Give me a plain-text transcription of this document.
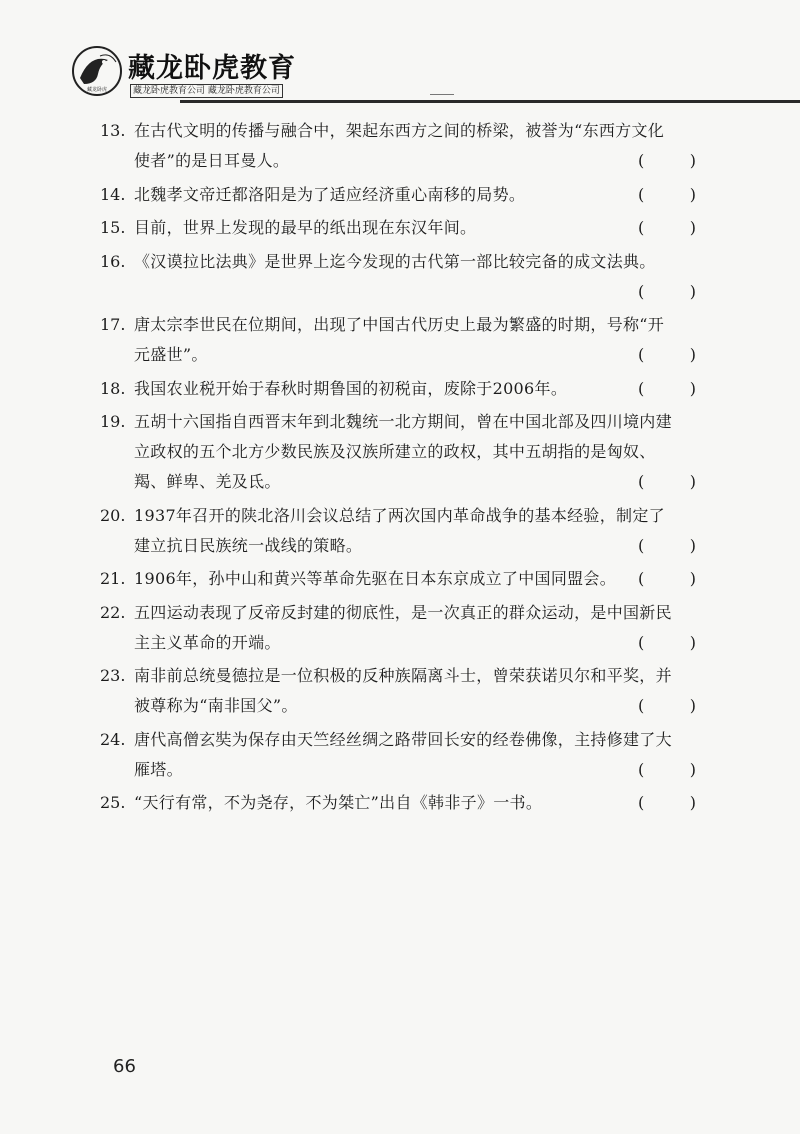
藏龙卧虎
藏龙卧虎教育
藏龙卧虎教育公司 藏龙卧虎教育公司
13. 在古代文明的传播与融合中，架起东西方之间的桥梁，被誉为“东西方文化
使者”的是日耳曼人。	(	)
14. 北魏孝文帝迁都洛阳是为了适应经济重心南移的局势。	(	)
15. 目前，世界上发现的最早的纸出现在东汉年间。	(	)
16. 《汉谟拉比法典》是世界上迄今发现的古代第一部比较完备的成文法典。

(	)
17. 唐太宗李世民在位期间，出现了中国古代历史上最为繁盛的时期，号称“开
元盛世”。	(	)
18. 我国农业税开始于春秋时期鲁国的初税亩，废除于2006年。	(	)
19. 五胡十六国指自西晋末年到北魏统一北方期间，曾在中国北部及四川境内建
立政权的五个北方少数民族及汉族所建立的政权，其中五胡指的是匈奴、
羯、鲜卑、羌及氐。	(	)
20. 1937年召开的陕北洛川会议总结了两次国内革命战争的基本经验，制定了
建立抗日民族统一战线的策略。	(	)
21. 1906年，孙中山和黄兴等革命先驱在日本东京成立了中国同盟会。	(	)
22. 五四运动表现了反帝反封建的彻底性，是一次真正的群众运动，是中国新民
主主义革命的开端。	(	)
23. 南非前总统曼德拉是一位积极的反种族隔离斗士，曾荣获诺贝尔和平奖，并
被尊称为“南非国父”。	(	)
24. 唐代高僧玄奘为保存由天竺经丝绸之路带回长安的经卷佛像，主持修建了大
雁塔。	(	)
25. “天行有常，不为尧存，不为桀亡”出自《韩非子》一书。	(	)
66
